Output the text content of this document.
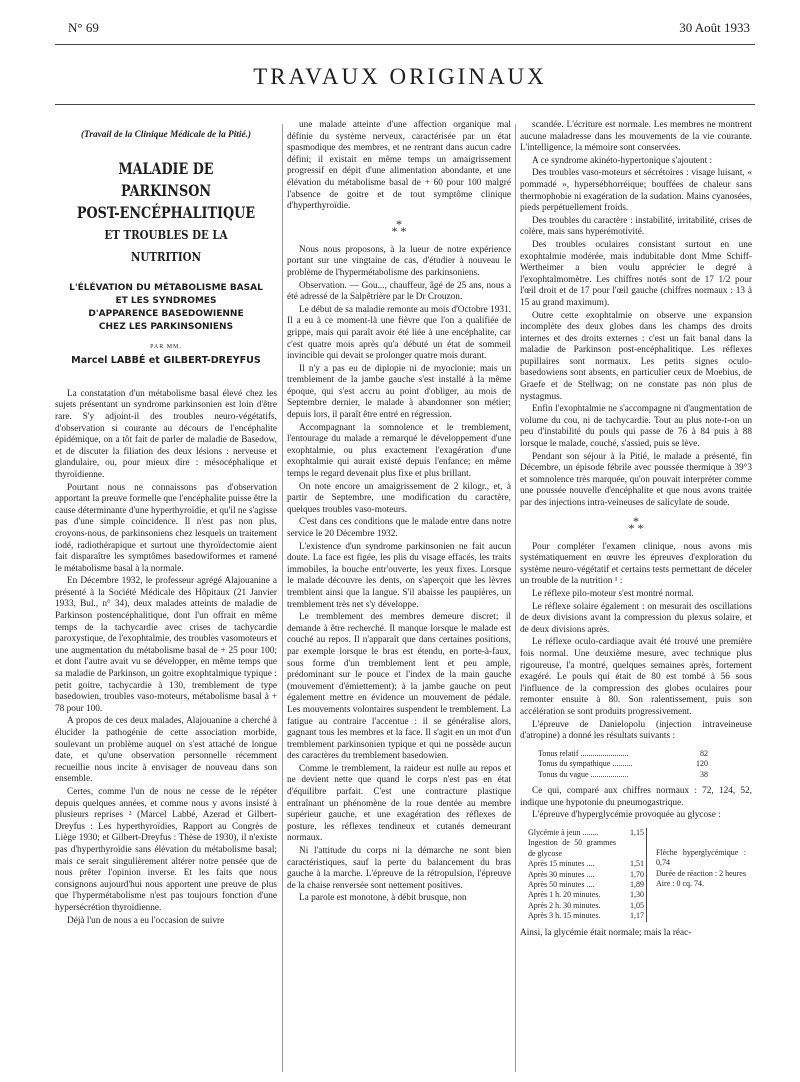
N° 69	30 Août 1933
TRAVAUX ORIGINAUX
(Travail de la Clinique Médicale de la Pitié.)
MALADIE DE PARKINSON
POST-ENCÉPHALITIQUE
ET TROUBLES DE LA NUTRITION
L'ÉLÉVATION DU MÉTABOLISME BASAL
ET LES SYNDROMES
D'APPARENCE BASEDOWIENNE
CHEZ LES PARKINSONIENS
PAR MM.
Marcel LABBÉ et GILBERT-DREYFUS

La constatation d'un métabolisme basal élevé chez les sujets présentant un syndrome parkinsonien est loin d'être rare. S'y adjoint-il des troubles neuro-végétatifs, d'observation si courante au décours de l'encéphalite épidémique, on a tôt fait de parler de maladie de Basedow, et de discuter la filiation des deux lésions : nerveuse et glandulaire, ou, pour mieux dire : mésocéphalique et thyroïdienne.

Pourtant nous ne connaissons pas d'observation apportant la preuve formelle que l'encéphalite puisse être la cause déterminante d'une hyperthyroïdie, et qu'il ne s'agisse pas d'une simple coïncidence. Il n'est pas non plus, croyons-nous, de parkinsoniens chez lesquels un traitement iodé, radiothérapique et surtout une thyroïdectomie aient fait disparaître les symptômes basedowiformes et ramené le métabolisme basal à la normale.

En Décembre 1932, le professeur agrégé Alajouanine a présenté à la Société Médicale des Hôpitaux (21 Janvier 1933, Bul., n° 34), deux malades atteints de maladie de Parkinson postencéphalitique, dont l'un offrait en même temps de la tachycardie avec crises de tachycardie paroxystique, de l'exophtalmie, des troubles vasomoteurs et une augmentation du métabolisme basal de + 25 pour 100; et dont l'autre avait vu se développer, en même temps que sa maladie de Parkinson, un goitre exophtalmique typique : petit goitre, tachycardie à 130, tremblement de type basedowien, troubles vaso-moteurs, métabolisme basal à + 78 pour 100.

A propos de ces deux malades, Alajouanine a cherché à élucider la pathogénie de cette association morbide, soulevant un problème auquel on s'est attaché de longue date, et qu'une observation personnelle récemment recueillie nous incite à envisager de nouveau dans son ensemble.

Certes, comme l'un de nous ne cesse de le répéter depuis quelques années, et comme nous y avons insisté à plusieurs reprises ² (Marcel Labbé, Azerad et Gilbert-Dreyfus : Les hyperthyroïdies, Rapport au Congrès de Liège 1930; et Gilbert-Dreyfus : Thèse de 1930), il n'existe pas d'hyperthyroïdie sans élévation du métabolisme basal; mais ce serait singulièrement altérer notre pensée que de nous prêter l'opinion inverse. Et les faits que nous consignons aujourd'hui nous apportent une preuve de plus que l'hypermétabolisme n'est pas toujours fonction d'une hypersécrétion thyroïdienne.

Déjà l'un de nous a eu l'occasion de suivre

une malade atteinte d'une affection organique mal définie du système nerveux, caractérisée par un état spasmodique des membres, et ne rentrant dans aucun cadre défini; il existait en même temps un amaigrissement progressif en dépit d'une alimentation abondante, et une élévation du métabolisme basal de + 60 pour 100 malgré l'absence de goitre et de tout symptôme clinique d'hyperthyroïdie.

*
* *

Nous nous proposons, à la lueur de notre expérience portant sur une vingtaine de cas, d'étudier à nouveau le problème de l'hypermétabolisme des parkinsoniens.

Observation. — Gou..., chauffeur, âgé de 25 ans, nous a été adressé de la Salpêtrière par le Dr Crouzon.

Le début de sa maladie remonte au mois d'Octobre 1931. Il a eu à ce moment-là une fièvre que l'on a qualifiée de grippe, mais qui paraît avoir été liée à une encéphalite, car c'est quatre mois après qu'a débuté un état de sommeil invincible qui devait se prolonger quatre mois durant.

Il n'y a pas eu de diplopie ni de myoclonie; mais un tremblement de la jambe gauche s'est installé à la même époque, qui s'est accru au point d'obliger, au mois de Septembre dernier, le malade à abandonner son métier; depuis lors, il paraît être entré en régression.

Accompagnant la somnolence et le tremblement, l'entourage du malade a remarqué le développement d'une exophtalmie, ou plus exactement l'exagération d'une exophtalmie qui aurait existé depuis l'enfance; en même temps le regard devenait plus fixe et plus brillant.

On note encore un amaigrissement de 2 kilogr., et, à partir de Septembre, une modification du caractère, quelques troubles vaso-moteurs.

C'est dans ces conditions que le malade entre dans notre service le 20 Décembre 1932.

L'existence d'un syndrome parkinsonien ne fait aucun doute. La face est figée, les plis du visage effacés, les traits immobiles, la bouche entr'ouverte, les yeux fixes. Lorsque le malade découvre les dents, on s'aperçoit que les lèvres tremblent ainsi que la langue. S'il abaisse les paupières, un tremblement très net s'y développe.

Le tremblement des membres demeure discret; il demande à être recherché. Il manque lorsque le malade est couché au repos. Il n'apparaît que dans certaines positions, par exemple lorsque le bras est étendu, en porte-à-faux, sous forme d'un tremblement lent et peu ample, prédominant sur le pouce et l'index de la main gauche (mouvement d'émiettement); à la jambe gauche on peut également mettre en évidence un mouvement de pédale. Les mouvements volontaires suspendent le tremblement. La fatigue au contraire l'accentue : il se généralise alors, gagnant tous les membres et la face. Il s'agit en un mot d'un tremblement parkinsonien typique et qui ne possède aucun des caractères du tremblement basedowien.

Comme le tremblement, la raideur est nulle au repos et ne devient nette que quand le corps n'est pas en état d'équilibre parfait. C'est une contracture plastique entraînant un phénomène de la roue dentée au membre supérieur gauche, et une exagération des réflexes de posture, les réflexes tendineux et cutanés demeurant normaux.

Ni l'attitude du corps ni la démarche ne sont bien caractéristiques, sauf la perte du balancement du bras gauche à la marche. L'épreuve de la rétropulsion, l'épreuve de la chaise renversée sont nettement positives.

La parole est monotone, à débit brusque, non

scandée. L'écriture est normale. Les membres ne montrent aucune maladresse dans les mouvements de la vie courante. L'intelligence, la mémoire sont conservées.

A ce syndrome akinéto-hypertonique s'ajoutent :

Des troubles vaso-moteurs et sécrétoires : visage luisant, « pommadé », hypersébhorréique; bouffées de chaleur sans thermophobie ni exagération de la sudation. Mains cyanosées, pieds perpétuellement froids.

Des troubles du caractère : instabilité, irritabilité, crises de colère, mais sans hyperémotivité.

Des troubles oculaires consistant surtout en une exophtalmie modérée, mais indubitable dont Mme Schiff-Wertheimer a bien voulu apprécier le degré à l'exophtalmomètre. Les chiffres notés sont de 17 1/2 pour l'œil droit et de 17 pour l'œil gauche (chiffres normaux : 13 à 15 au grand maximum).

Outre cette exophtalmie on observe une expansion incomplète des deux globes dans les champs des droits internes et des droits externes : c'est un fait banal dans la maladie de Parkinson post-encéphalitique. Les réflexes pupillaires sont normaux. Les petits signes oculo-basedowiens sont absents, en particulier ceux de Moebius, de Graefe et de Stellwag; on ne constate pas non plus de nystagmus.

Enfin l'exophtalmie ne s'accompagne ni d'augmentation de volume du cou, ni de tachycardie. Tout au plus note-t-on un peu d'instabilité du pouls qui passe de 76 à 84 puis à 88 lorsque le malade, couché, s'assied, puis se lève.

Pendant son séjour à la Pitié, le malade a présenté, fin Décembre, un épisode fébrile avec poussée thermique à 39°3 et somnolence très marquée, qu'on pouvait interpréter comme une poussée nouvelle d'encéphalite et que nous avons traitée par des injections intra-veineuses de salicylate de soude.

*
* *

Pour compléter l'examen clinique, nous avons mis systématiquement en œuvre les épreuves d'exploration du système neuro-végétatif et certains tests permettant de déceler un trouble de la nutrition ¹ :

Le réflexe pilo-moteur s'est montré normal.

Le réflexe solaire également : on mesurait des oscillations de deux divisions avant la compression du plexus solaire, et de deux divisions après.

Le réflexe oculo-cardiaque avait été trouvé une première fois normal. Une deuxième mesure, avec technique plus rigoureuse, l'a montré, quelques semaines après, fortement exagéré. Le pouls qui était de 80 est tombé à 56 sous l'influence de la compression des globes oculaires pour remonter ensuite à 80. Son ralentissement, puis son accélération se sont produits progressivement.

L'épreuve de Danielopolu (injection intraveineuse d'atropine) a donné les résultats suivants :

Tonus relatif ........................	82
Tonus du sympathique ..........	120
Tonus du vague ...................	38

Ce qui, comparé aux chiffres normaux : 72, 124, 52, indique une hypotonie du pneumogastrique.

L'épreuve d'hyperglycémie provoquée au glycose :

Glycémie à jeun ........	1,15
Ingestion de 50 grammes de glycose
Après 15 minutes ....	1,51
Après 30 minutes ....	1,70
Après 50 minutes ....	1,89
Après 1 h. 20 minutes.	1,30
Après 2 h. 30 minutes.	1,05
Après 3 h. 15 minutes.	1,17
Flèche hyperglycémique : 0,74
Durée de réaction : 2 heures
Aire : 0 cq. 74.

Ainsi, la glycémie était normale; mais la réac-
